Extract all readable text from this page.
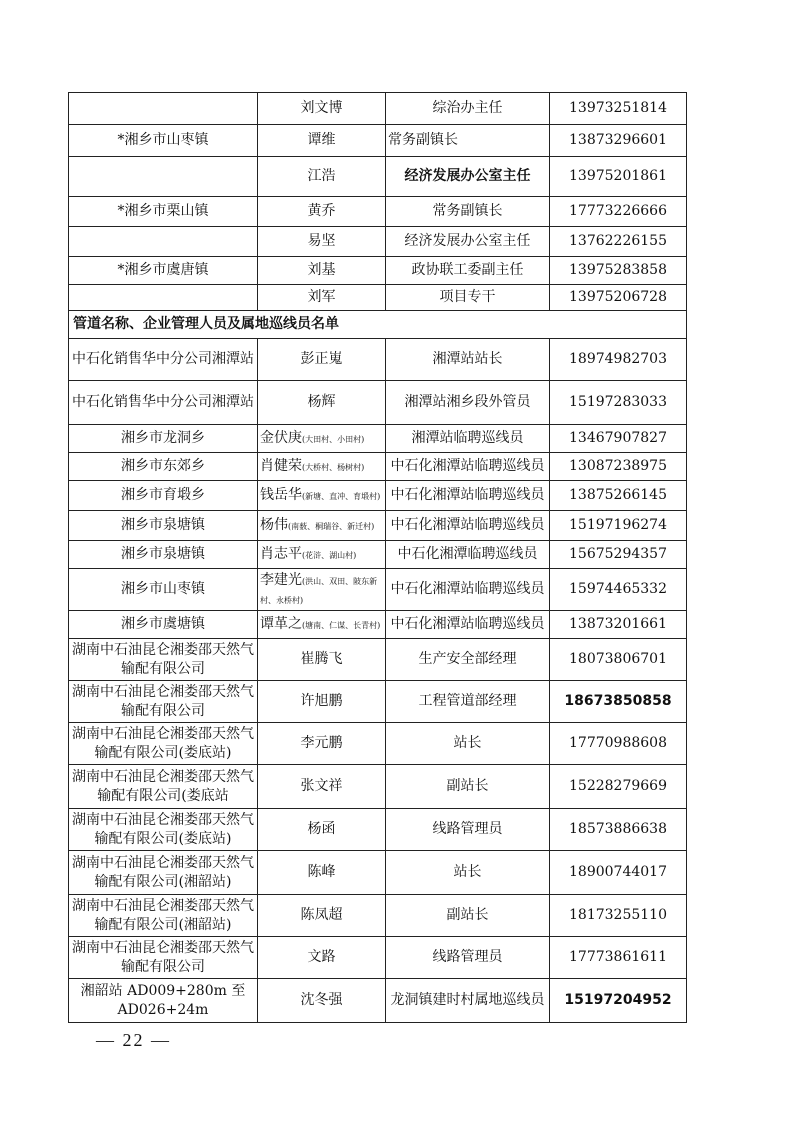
	刘文博	综治办主任	13973251814
*湘乡市山枣镇	谭维	常务副镇长	13873296601
	江浩	经济发展办公室主任	13975201861
*湘乡市栗山镇	黄乔	常务副镇长	17773226666
	易坚	经济发展办公室主任	13762226155
*湘乡市虞唐镇	刘基	政协联工委副主任	13975283858
	刘军	项目专干	13975206728
管道名称、企业管理人员及属地巡线员名单			
中石化销售华中分公司湘潭站	彭正嵬	湘潭站站长	18974982703
中石化销售华中分公司湘潭站	杨辉	湘潭站湘乡段外管员	15197283033
湘乡市龙洞乡	金伏庚(大田村、小田村)	湘潭站临聘巡线员	13467907827
湘乡市东郊乡	肖健荣(大桥村、杨树村)	中石化湘潭站临聘巡线员	13087238975
湘乡市育塅乡	钱岳华(新塘、直冲、育塅村)	中石化湘潭站临聘巡线员	13875266145
湘乡市泉塘镇	杨伟(南薮、桐瑞谷、新迁村)	中石化湘潭站临聘巡线员	15197196274
湘乡市泉塘镇	肖志平(花浒、湖山村)	中石化湘潭临聘巡线员	15675294357
湘乡市山枣镇	李建光(洪山、双田、陂东新村、永桥村)	中石化湘潭站临聘巡线员	15974465332
湘乡市虞塘镇	谭革之(塘南、仁谋、长青村)	中石化湘潭站临聘巡线员	13873201661
湖南中石油昆仑湘娄邵天然气输配有限公司	崔腾飞	生产安全部经理	18073806701
湖南中石油昆仑湘娄邵天然气输配有限公司	许旭鹏	工程管道部经理	18673850858
湖南中石油昆仑湘娄邵天然气输配有限公司(娄底站)	李元鹏	站长	17770988608
湖南中石油昆仑湘娄邵天然气输配有限公司(娄底站	张文祥	副站长	15228279669
湖南中石油昆仑湘娄邵天然气输配有限公司(娄底站)	杨函	线路管理员	18573886638
湖南中石油昆仑湘娄邵天然气输配有限公司(湘韶站)	陈峰	站长	18900744017
湖南中石油昆仑湘娄邵天然气输配有限公司(湘韶站)	陈凤超	副站长	18173255110
湖南中石油昆仑湘娄邵天然气输配有限公司	文路	线路管理员	17773861611
湘韶站 AD009+280m 至 AD026+24m	沈冬强	龙洞镇建时村属地巡线员	15197204952
— 22 —
